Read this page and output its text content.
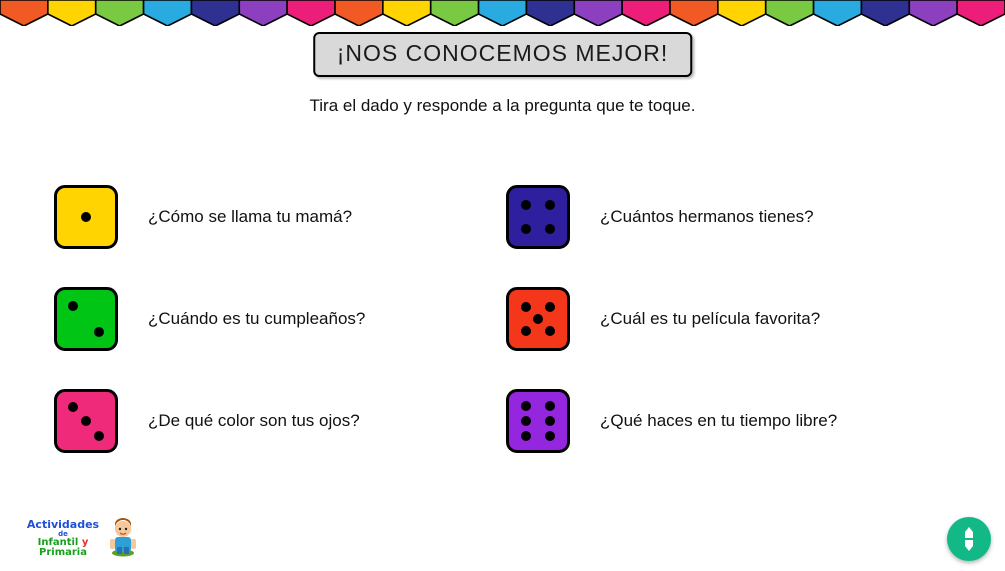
¡NOS CONOCEMOS MEJOR!
Tira el dado y responde a la pregunta que te toque.
¿Cómo se llama tu mamá?	¿Cuántos hermanos tienes?
¿Cuándo es tu cumpleaños?	¿Cuál es tu película favorita?
¿De qué color son tus ojos?	¿Qué haces en tu tiempo libre?
Actividades
de
Infantil y Primaria
